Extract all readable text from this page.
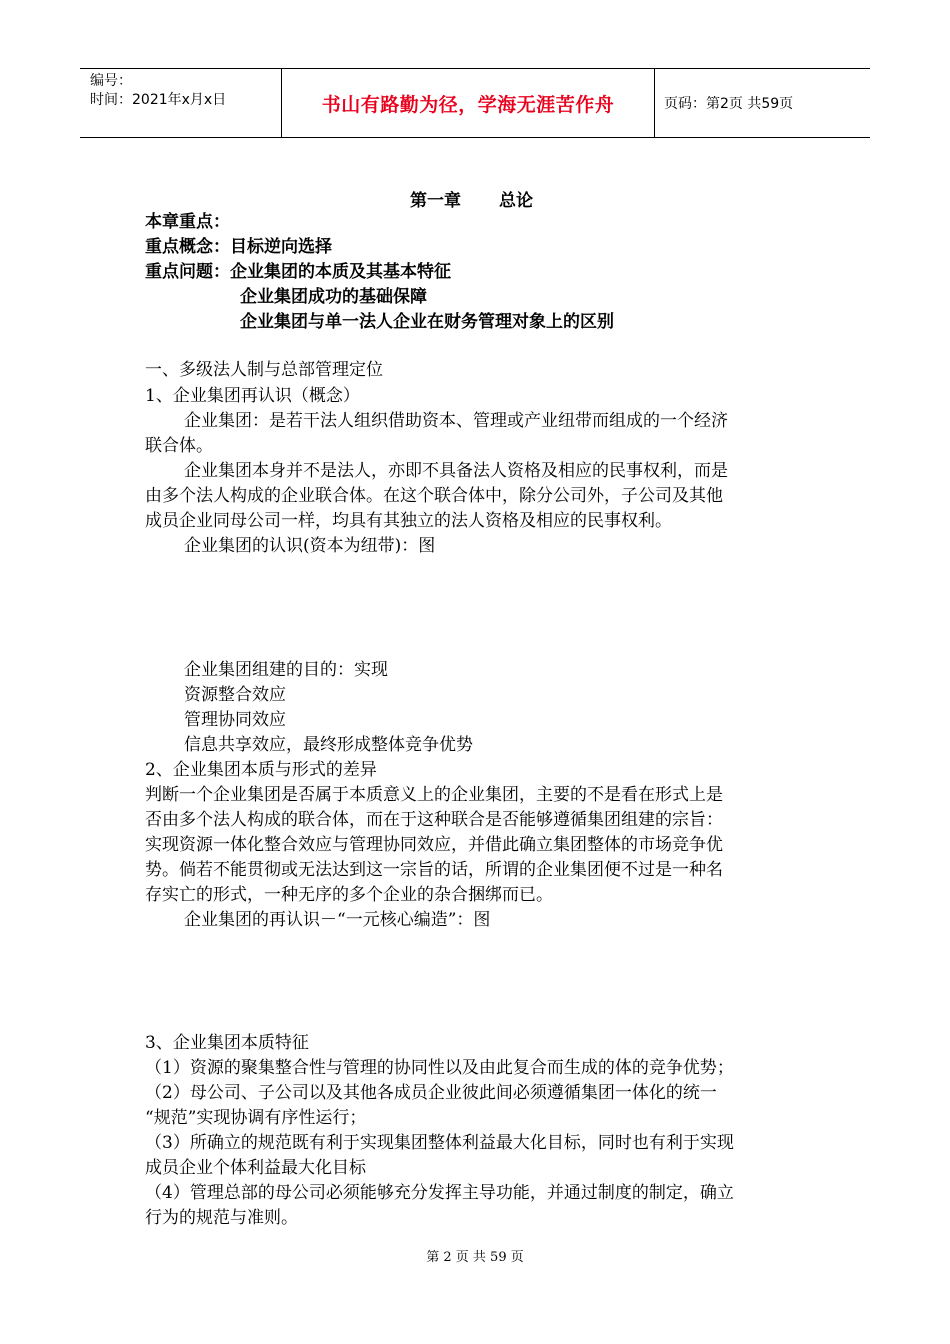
编号：
时间：2021年x月x日	书山有路勤为径，学海无涯苦作舟	页码：第2页 共59页
第一章 总论
本章重点：
重点概念：目标逆向选择
重点问题：企业集团的本质及其基本特征
企业集团成功的基础保障
企业集团与单一法人企业在财务管理对象上的区别
一、多级法人制与总部管理定位
1、企业集团再认识（概念）
企业集团：是若干法人组织借助资本、管理或产业纽带而组成的一个经济
联合体。
企业集团本身并不是法人，亦即不具备法人资格及相应的民事权利，而是
由多个法人构成的企业联合体。在这个联合体中，除分公司外，子公司及其他
成员企业同母公司一样，均具有其独立的法人资格及相应的民事权利。
企业集团的认识(资本为纽带)：图
企业集团组建的目的：实现
资源整合效应
管理协同效应
信息共享效应，最终形成整体竞争优势
2、企业集团本质与形式的差异
判断一个企业集团是否属于本质意义上的企业集团，主要的不是看在形式上是
否由多个法人构成的联合体，而在于这种联合是否能够遵循集团组建的宗旨：
实现资源一体化整合效应与管理协同效应，并借此确立集团整体的市场竞争优
势。倘若不能贯彻或无法达到这一宗旨的话，所谓的企业集团便不过是一种名
存实亡的形式，一种无序的多个企业的杂合捆绑而已。
企业集团的再认识－“一元核心编造”：图
3、企业集团本质特征
（1）资源的聚集整合性与管理的协同性以及由此复合而生成的体的竞争优势；
（2）母公司、子公司以及其他各成员企业彼此间必须遵循集团一体化的统一
“规范”实现协调有序性运行；
（3）所确立的规范既有利于实现集团整体利益最大化目标，同时也有利于实现
成员企业个体利益最大化目标
（4）管理总部的母公司必须能够充分发挥主导功能，并通过制度的制定，确立
行为的规范与准则。
第 2 页 共 59 页
